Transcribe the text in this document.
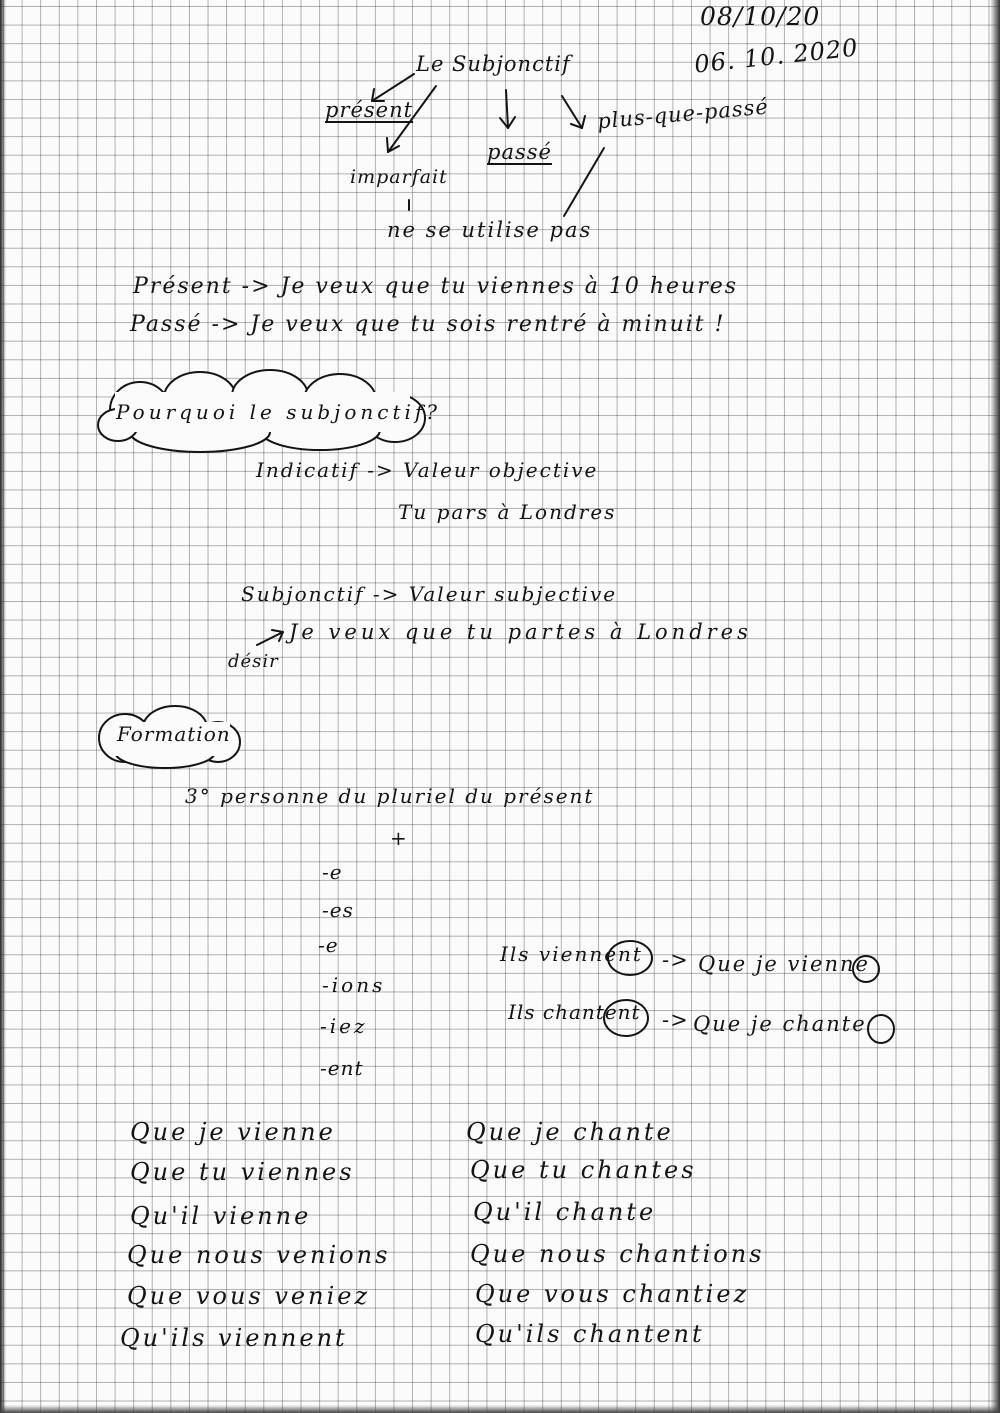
08/10/20
06. 10. 2020
Le Subjonctif
présent
imparfait
passé
plus-que-passé
ne se utilise pas
Présent -> Je veux que tu viennes à 10 heures
Passé -> Je veux que tu sois rentré à minuit !
Pourquoi le subjonctif?
Indicatif -> Valeur objective
Tu pars à Londres
Subjonctif -> Valeur subjective
Je veux que tu partes à Londres
désir
Formation
3° personne du pluriel du présent
+
-e
-es
-e
-ions
-iez
-ent
Ils viennent -> Que je vienne
Ils chantent -> Que je chante
Que je vienne
Que tu viennes
Qu'il vienne
Que nous venions
Que vous veniez
Qu'ils viennent
Que je chante
Que tu chantes
Qu'il chante
Que nous chantions
Que vous chantiez
Qu'ils chantent
